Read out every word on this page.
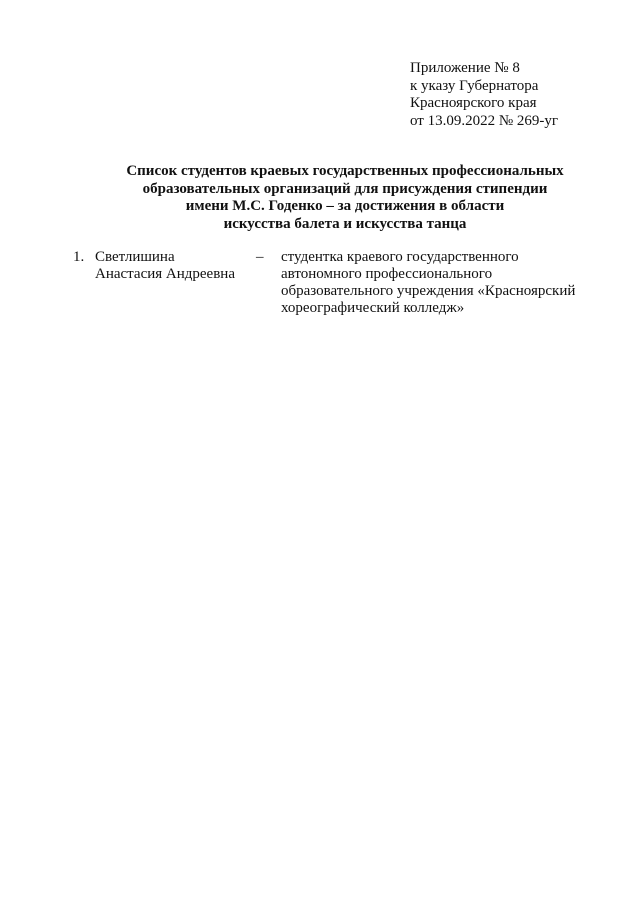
Приложение № 8
к указу Губернатора
Красноярского края
от 13.09.2022 № 269-уг
Список студентов краевых государственных профессиональных
образовательных организаций для присуждения стипендии
имени М.С. Годенко – за достижения в области
искусства балета и искусства танца
1. Светлишина
Анастасия Андреевна
– студентка краевого государственного
автономного профессионального
образовательного учреждения «Красноярский
хореографический колледж»
